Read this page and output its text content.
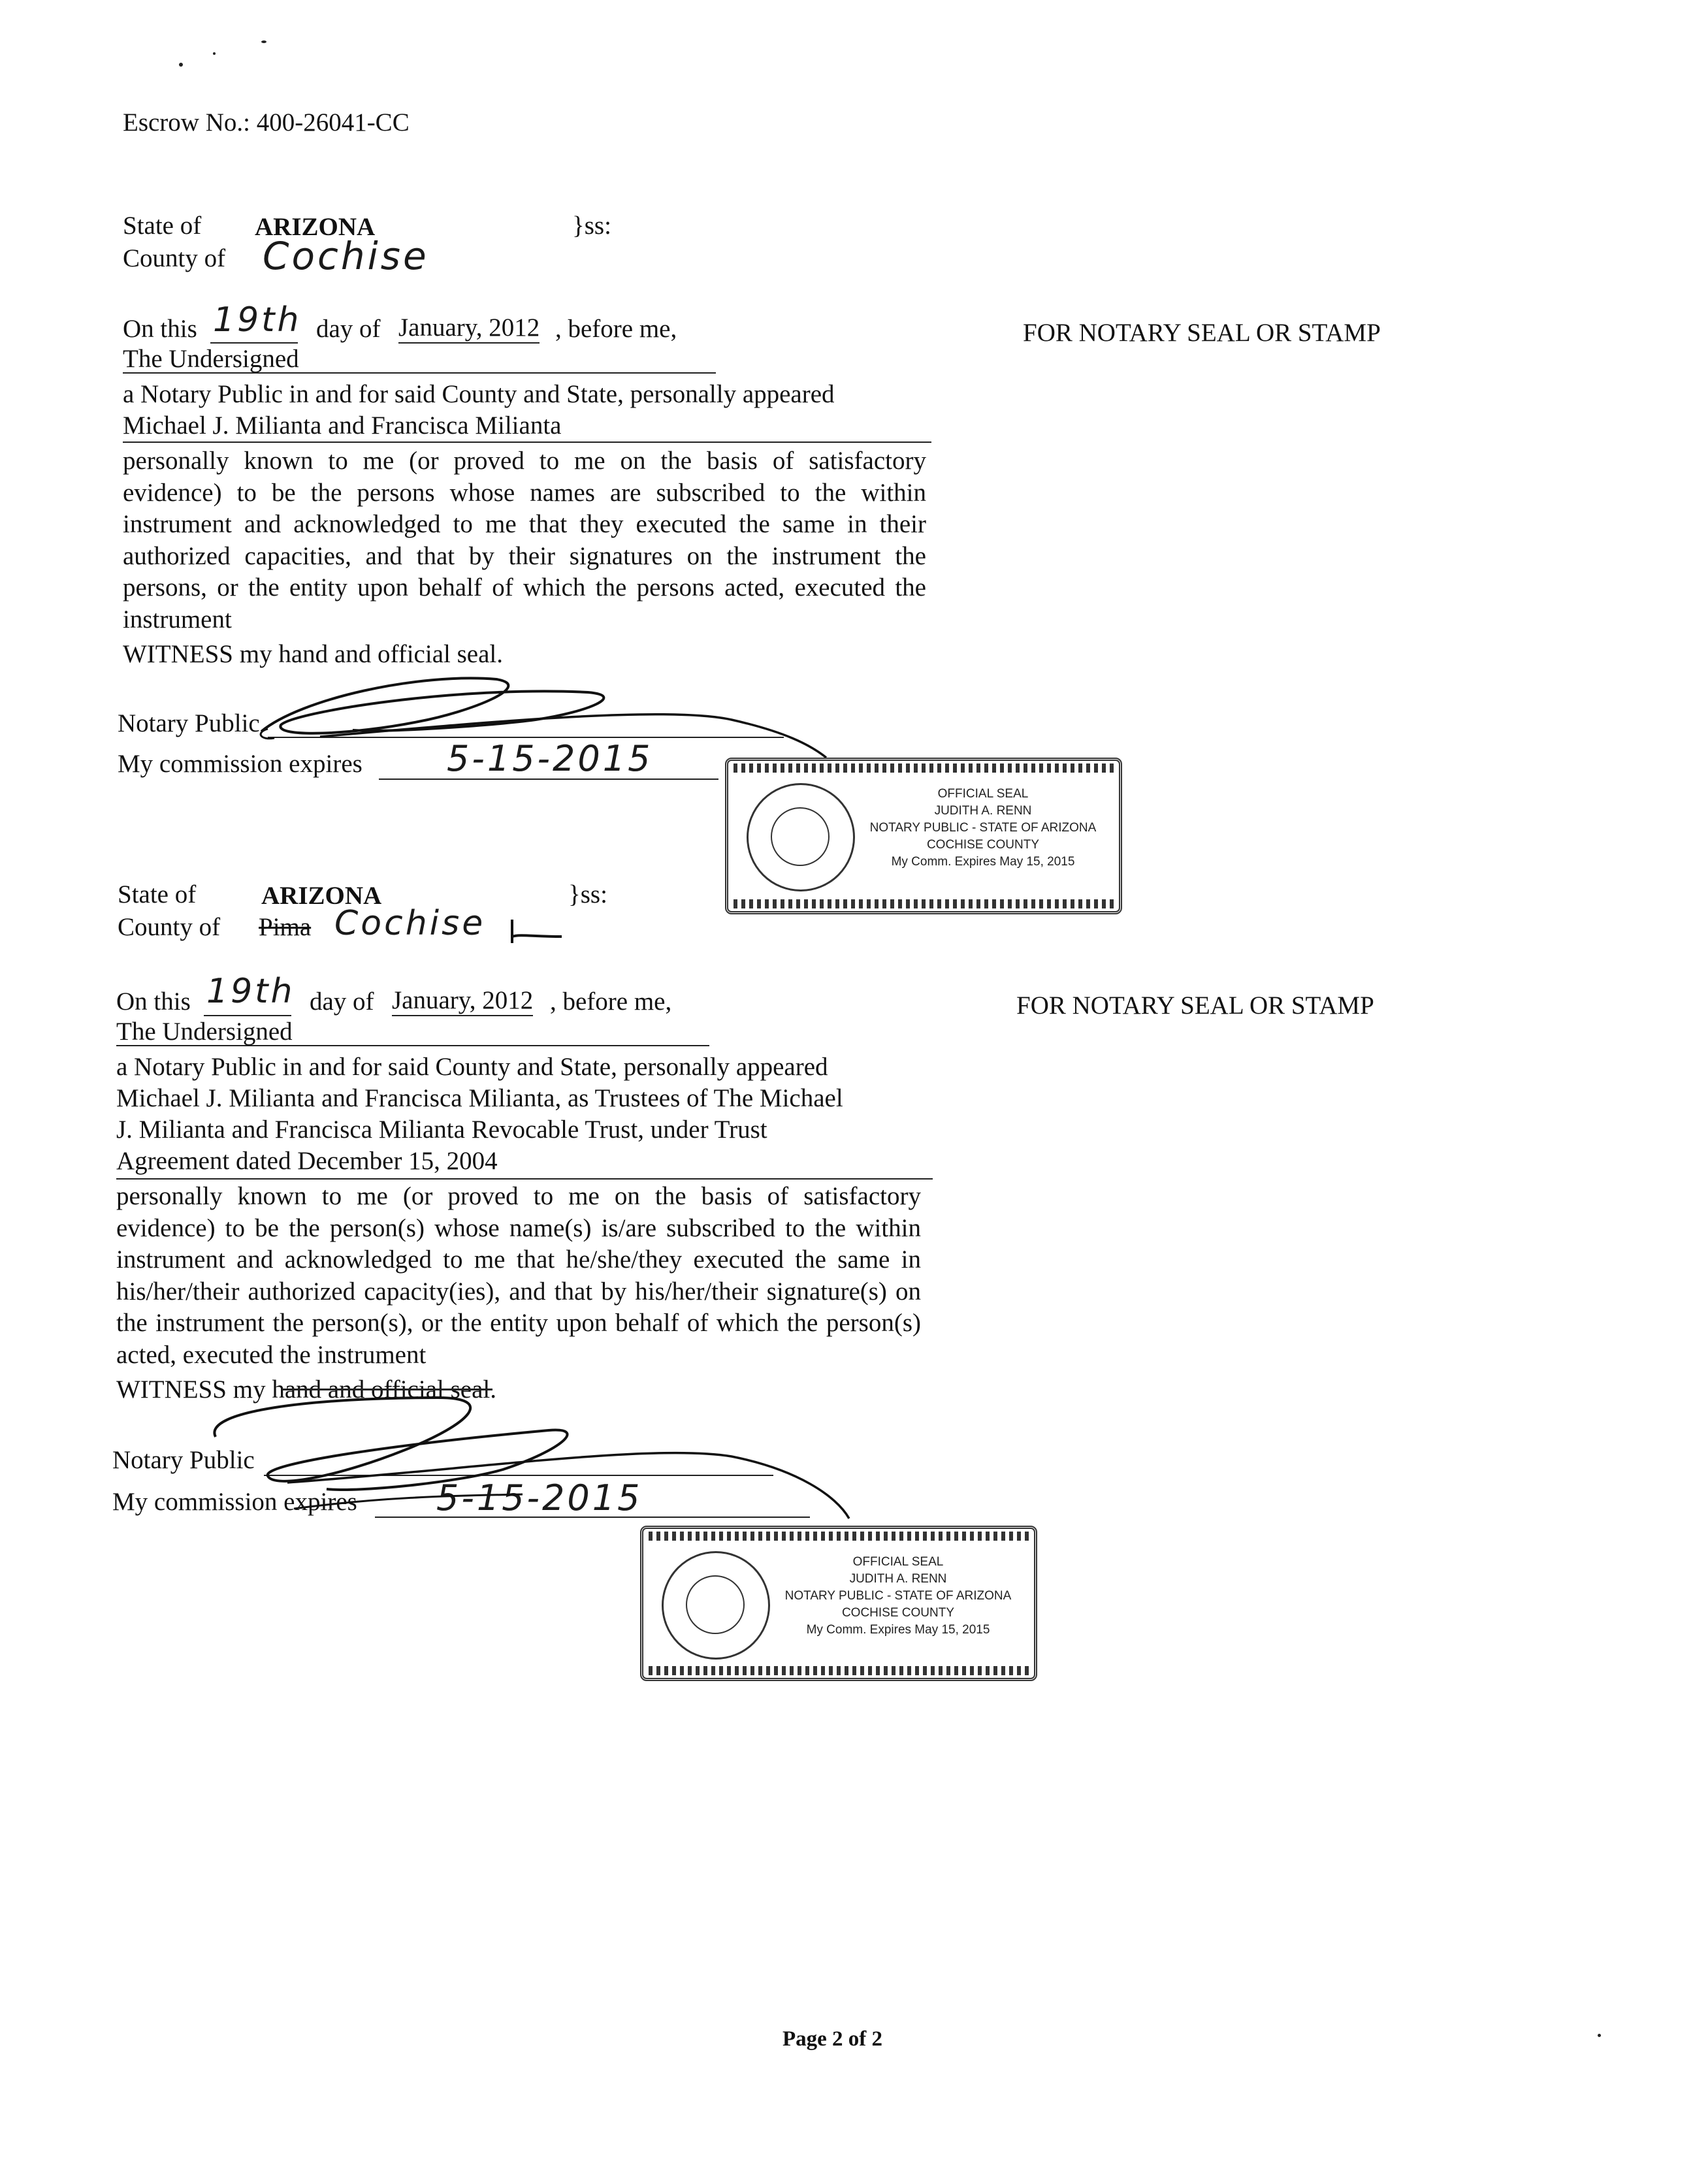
Escrow No.: 400-26041-CC
State of ARIZONA	}ss:
County of Cochise
On this 19th day of January, 2012 , before me,	FOR NOTARY SEAL OR STAMP
The Undersigned
a Notary Public in and for said County and State, personally appeared
Michael J. Milianta and Francisca Milianta
personally known to me (or proved to me on the basis of satisfactory evidence) to be the persons whose names are subscribed to the within instrument and acknowledged to me that they executed the same in their authorized capacities, and that by their signatures on the instrument the persons, or the entity upon behalf of which the persons acted, executed the instrument
WITNESS my hand and official seal.
Notary Public
My commission expires 5-15-2015
OFFICIAL SEAL
JUDITH A. RENN
NOTARY PUBLIC - STATE OF ARIZONA
COCHISE COUNTY
My Comm. Expires May 15, 2015
State of	ARIZONA	}ss:
County of Pima Cochise
On this 19th day of January, 2012 , before me,	FOR NOTARY SEAL OR STAMP
The Undersigned
a Notary Public in and for said County and State, personally appeared
Michael J. Milianta and Francisca Milianta, as Trustees of The Michael
J. Milianta and Francisca Milianta Revocable Trust, under Trust
Agreement dated December 15, 2004
personally known to me (or proved to me on the basis of satisfactory evidence) to be the person(s) whose name(s) is/are subscribed to the within instrument and acknowledged to me that he/she/they executed the same in his/her/their authorized capacity(ies), and that by his/her/their signature(s) on the instrument the person(s), or the entity upon behalf of which the person(s) acted, executed the instrument
WITNESS my hand and official seal.
Notary Public
My commission expires 5-15-2015
OFFICIAL SEAL
JUDITH A. RENN
NOTARY PUBLIC - STATE OF ARIZONA
COCHISE COUNTY
My Comm. Expires May 15, 2015
Page 2 of 2
